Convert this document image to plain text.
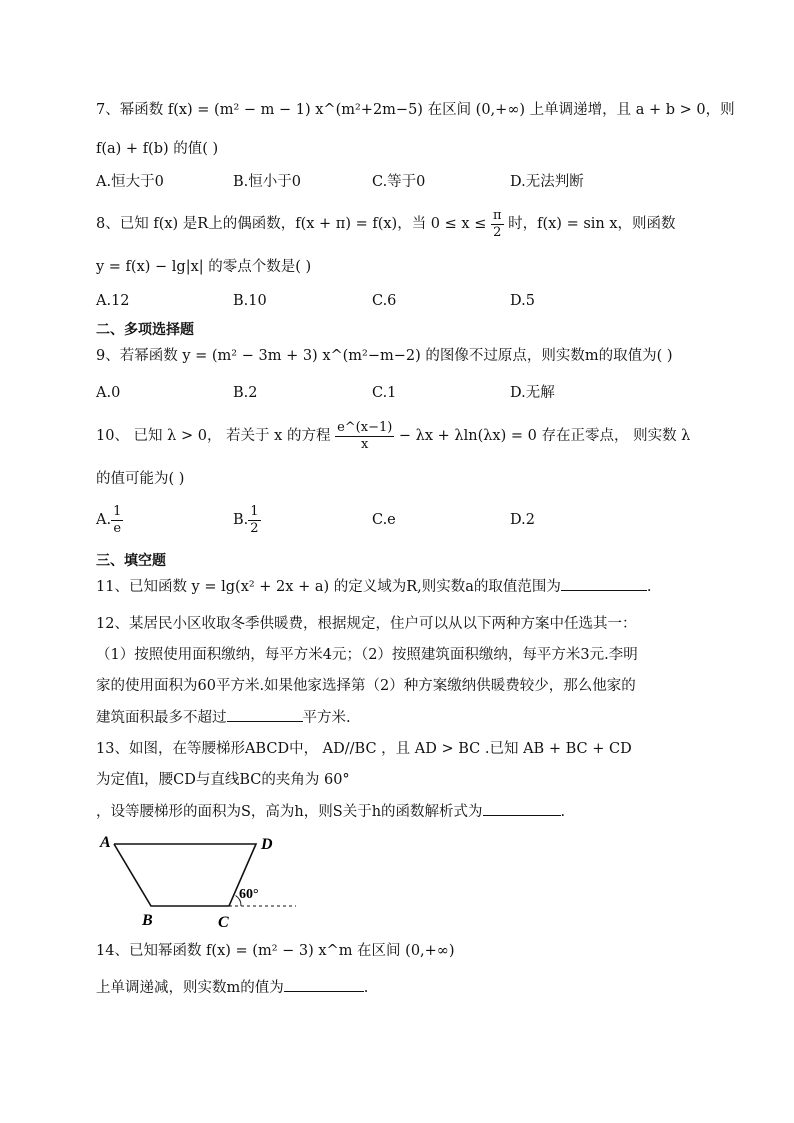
7、幂函数 f(x) = (m² − m − 1) x^(m²+2m−5) 在区间 (0,+∞) 上单调递增，且 a + b > 0，则
f(a) + f(b) 的值( )
A.恒大于0	B.恒小于0	C.等于0	D.无法判断
8、已知 f(x) 是R上的偶函数，f(x + π) = f(x)，当 $0 \le x \le \frac{\pi}{2}$ 时，f(x) = sin x，则函数
y = f(x) − lg|x| 的零点个数是( )
A.12	B.10	C.6	D.5
二、多项选择题
9、若幂函数 y = (m² − 3m + 3) x^(m²−m−2) 的图像不过原点，则实数m的取值为( )
A.0	B.2	C.1	D.无解
10、 已知 λ > 0， 若关于 x 的方程 $\frac{e\^{}(x-1)}{x} - \lambda x + \lambda\ln(\lambda x) = 0$ 存在正零点， 则实数 λ
的值可能为( )
A. $\frac{1}{e}$	B. $\frac{1}{2}$	C.e	D.2
三、填空题
11、已知函数 y = lg(x² + 2x + a) 的定义域为R,则实数a的取值范围为	.
12、某居民小区收取冬季供暖费，根据规定，住户可以从以下两种方案中任选其一：
（1）按照使用面积缴纳，每平方米4元；（2）按照建筑面积缴纳，每平方米3元.李明
家的使用面积为60平方米.如果他家选择第（2）种方案缴纳供暖费较少，那么他家的
建筑面积最多不超过	平方米.
13、如图，在等腰梯形ABCD中， AD//BC ，且 AD > BC .已知 AB + BC + CD
为定值l，腰CD与直线BC的夹角为 60°
，设等腰梯形的面积为S，高为h，则S关于h的函数解析式为	.
A	D
B	C
60°
14、已知幂函数 f(x) = (m² − 3) x^m 在区间 (0,+∞)
上单调递减，则实数m的值为	.
